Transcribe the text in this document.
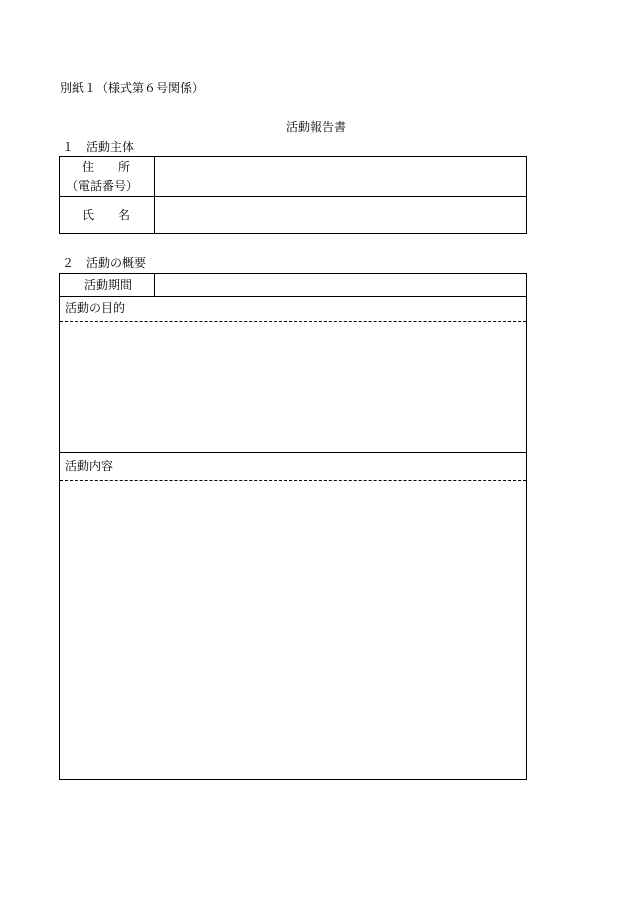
別紙１（様式第６号関係）
活動報告書
１　活動主体
住　　所
（電話番号）
氏　　名
２　活動の概要
活動期間
活動の目的
活動内容
